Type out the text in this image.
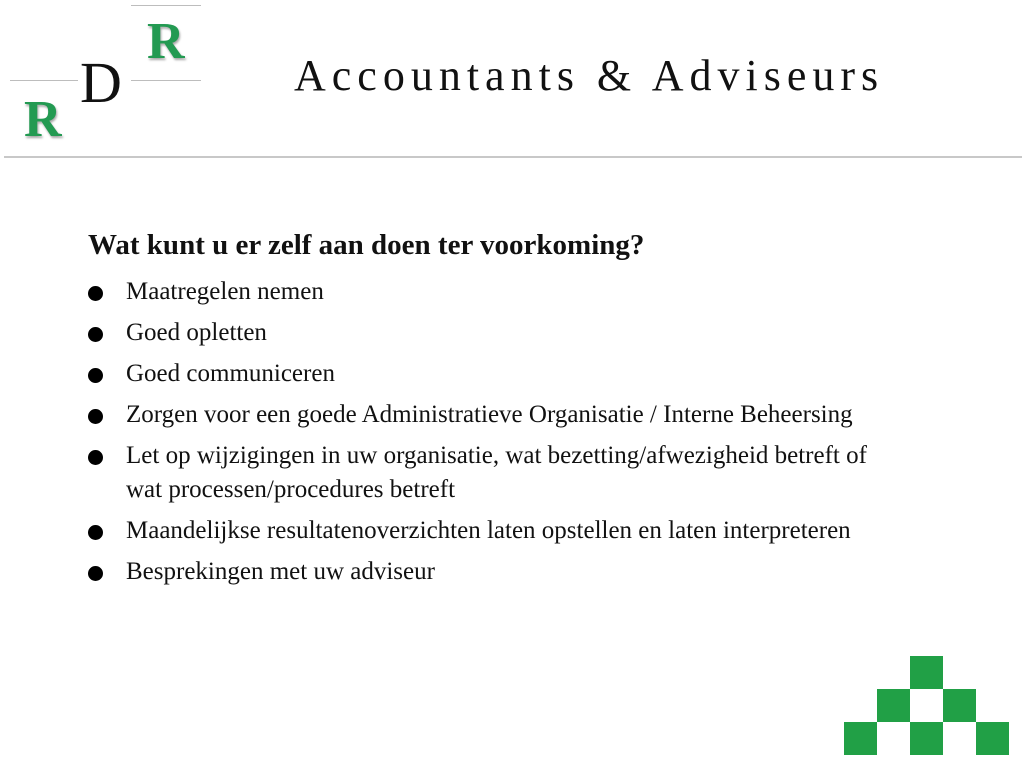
R
D
R
Accountants & Adviseurs
Wat kunt u er zelf aan doen ter voorkoming?
Maatregelen nemen
Goed opletten
Goed communiceren
Zorgen voor een goede Administratieve Organisatie / Interne Beheersing
Let op wijzigingen in uw organisatie, wat bezetting/afwezigheid betreft of wat processen/procedures betreft
Maandelijkse resultatenoverzichten laten opstellen en laten interpreteren
Besprekingen met uw adviseur
